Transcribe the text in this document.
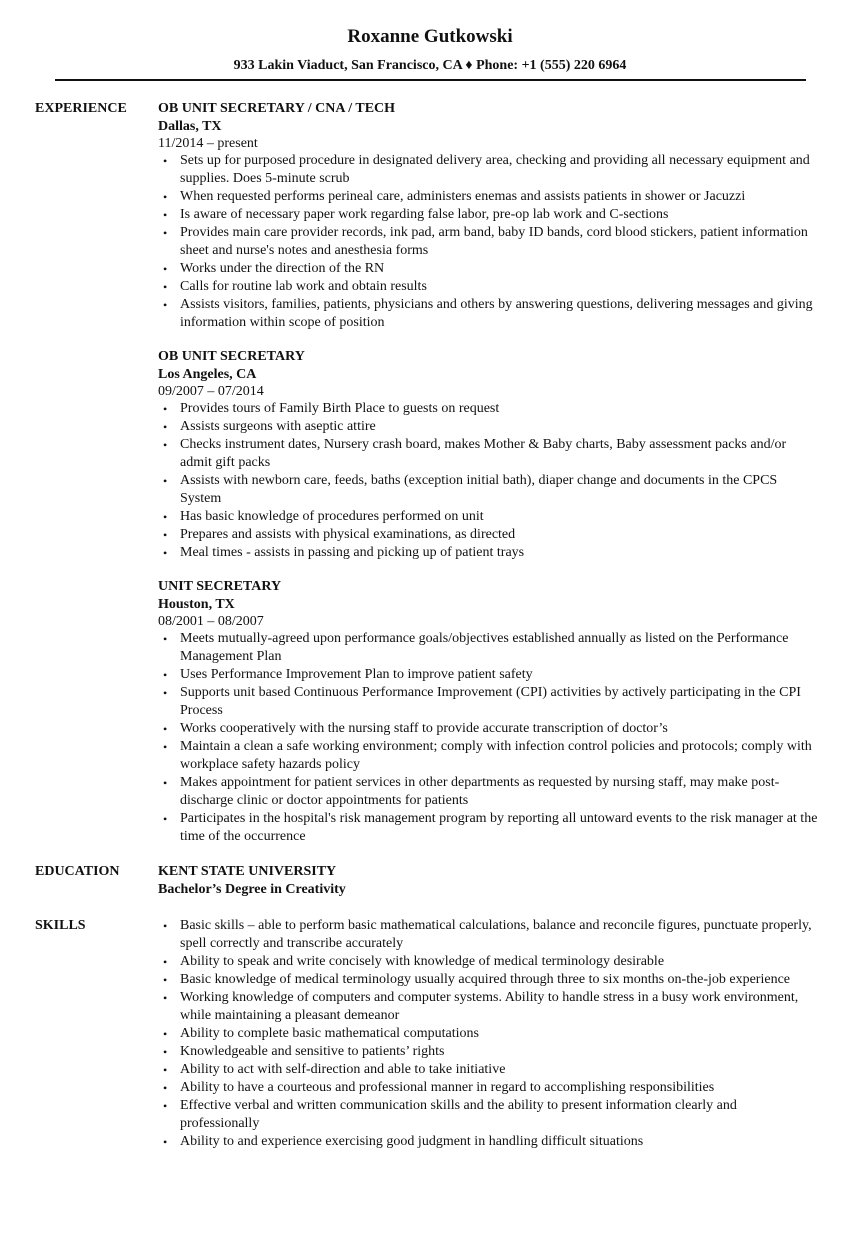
Roxanne Gutkowski
933 Lakin Viaduct, San Francisco, CA ♦ Phone: +1 (555) 220 6964
EXPERIENCE	OB UNIT SECRETARY / CNA / TECH
Dallas, TX
11/2014 – present
• Sets up for purposed procedure in designated delivery area, checking and providing all necessary equipment and supplies. Does 5-minute scrub
• When requested performs perineal care, administers enemas and assists patients in shower or Jacuzzi
• Is aware of necessary paper work regarding false labor, pre-op lab work and C-sections
• Provides main care provider records, ink pad, arm band, baby ID bands, cord blood stickers, patient information sheet and nurse's notes and anesthesia forms
• Works under the direction of the RN
• Calls for routine lab work and obtain results
• Assists visitors, families, patients, physicians and others by answering questions, delivering messages and giving information within scope of position
OB UNIT SECRETARY
Los Angeles, CA
09/2007 – 07/2014
• Provides tours of Family Birth Place to guests on request
• Assists surgeons with aseptic attire
• Checks instrument dates, Nursery crash board, makes Mother & Baby charts, Baby assessment packs and/or admit gift packs
• Assists with newborn care, feeds, baths (exception initial bath), diaper change and documents in the CPCS System
• Has basic knowledge of procedures performed on unit
• Prepares and assists with physical examinations, as directed
• Meal times - assists in passing and picking up of patient trays
UNIT SECRETARY
Houston, TX
08/2001 – 08/2007
• Meets mutually-agreed upon performance goals/objectives established annually as listed on the Performance Management Plan
• Uses Performance Improvement Plan to improve patient safety
• Supports unit based Continuous Performance Improvement (CPI) activities by actively participating in the CPI Process
• Works cooperatively with the nursing staff to provide accurate transcription of doctor’s
• Maintain a clean a safe working environment; comply with infection control policies and protocols; comply with workplace safety hazards policy
• Makes appointment for patient services in other departments as requested by nursing staff, may make post-discharge clinic or doctor appointments for patients
• Participates in the hospital's risk management program by reporting all untoward events to the risk manager at the time of the occurrence
EDUCATION	KENT STATE UNIVERSITY
Bachelor’s Degree in Creativity
SKILLS	• Basic skills – able to perform basic mathematical calculations, balance and reconcile figures, punctuate properly, spell correctly and transcribe accurately
• Ability to speak and write concisely with knowledge of medical terminology desirable
• Basic knowledge of medical terminology usually acquired through three to six months on-the-job experience
• Working knowledge of computers and computer systems. Ability to handle stress in a busy work environment, while maintaining a pleasant demeanor
• Ability to complete basic mathematical computations
• Knowledgeable and sensitive to patients’ rights
• Ability to act with self-direction and able to take initiative
• Ability to have a courteous and professional manner in regard to accomplishing responsibilities
• Effective verbal and written communication skills and the ability to present information clearly and professionally
• Ability to and experience exercising good judgment in handling difficult situations
